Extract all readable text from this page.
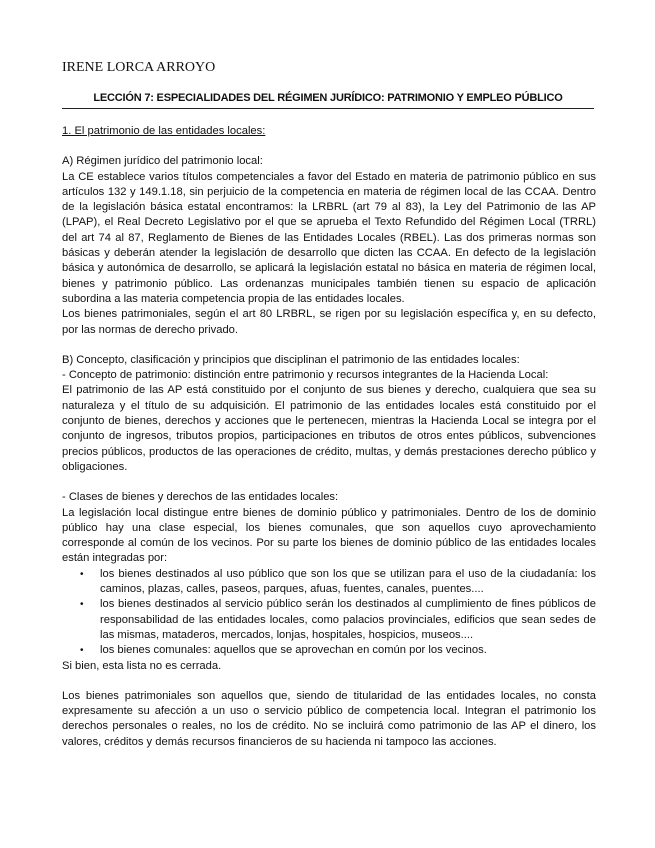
IRENE LORCA ARROYO
LECCIÓN 7: ESPECIALIDADES DEL RÉGIMEN JURÍDICO: PATRIMONIO Y EMPLEO PÚBLICO

1. El patrimonio de las entidades locales:

A) Régimen jurídico del patrimonio local:

La CE establece varios títulos competenciales a favor del Estado en materia de patrimonio público en sus artículos 132 y 149.1.18, sin perjuicio de la competencia en materia de régimen local de las CCAA. Dentro de la legislación básica estatal encontramos: la LRBRL (art 79 al 83), la Ley del Patrimonio de las AP (LPAP), el Real Decreto Legislativo por el que se aprueba el Texto Refundido del Régimen Local (TRRL) del art 74 al 87, Reglamento de Bienes de las Entidades Locales (RBEL). Las dos primeras normas son básicas y deberán atender la legislación de desarrollo que dicten las CCAA. En defecto de la legislación básica y autonómica de desarrollo, se aplicará la legislación estatal no básica en materia de régimen local, bienes y patrimonio público. Las ordenanzas municipales también tienen su espacio de aplicación subordina a las materia competencia propia de las entidades locales.

Los bienes patrimoniales, según el art 80 LRBRL, se rigen por su legislación específica y, en su defecto, por las normas de derecho privado.

B) Concepto, clasificación y principios que disciplinan el patrimonio de las entidades locales:

- Concepto de patrimonio: distinción entre patrimonio y recursos integrantes de la Hacienda Local:

El patrimonio de las AP está constituido por el conjunto de sus bienes y derecho, cualquiera que sea su naturaleza y el título de su adquisición. El patrimonio de las entidades locales está constituido por el conjunto de bienes, derechos y acciones que le pertenecen, mientras la Hacienda Local se integra por el conjunto de ingresos, tributos propios, participaciones en tributos de otros entes públicos, subvenciones precios públicos, productos de las operaciones de crédito, multas, y demás prestaciones derecho público y obligaciones.

- Clases de bienes y derechos de las entidades locales:

La legislación local distingue entre bienes de dominio público y patrimoniales. Dentro de los de dominio público hay una clase especial, los bienes comunales, que son aquellos cuyo aprovechamiento corresponde al común de los vecinos. Por su parte los bienes de dominio público de las entidades locales están integradas por:

• los bienes destinados al uso público que son los que se utilizan para el uso de la ciudadanía: los caminos, plazas, calles, paseos, parques, afuas, fuentes, canales, puentes....
• los bienes destinados al servicio público serán los destinados al cumplimiento de fines públicos de responsabilidad de las entidades locales, como palacios provinciales, edificios que sean sedes de las mismas, mataderos, mercados, lonjas, hospitales, hospicios, museos....
• los bienes comunales: aquellos que se aprovechan en común por los vecinos.

Si bien, esta lista no es cerrada.

Los bienes patrimoniales son aquellos que, siendo de titularidad de las entidades locales, no consta expresamente su afección a un uso o servicio público de competencia local. Integran el patrimonio los derechos personales o reales, no los de crédito. No se incluirá como patrimonio de las AP el dinero, los valores, créditos y demás recursos financieros de su hacienda ni tampoco las acciones.
